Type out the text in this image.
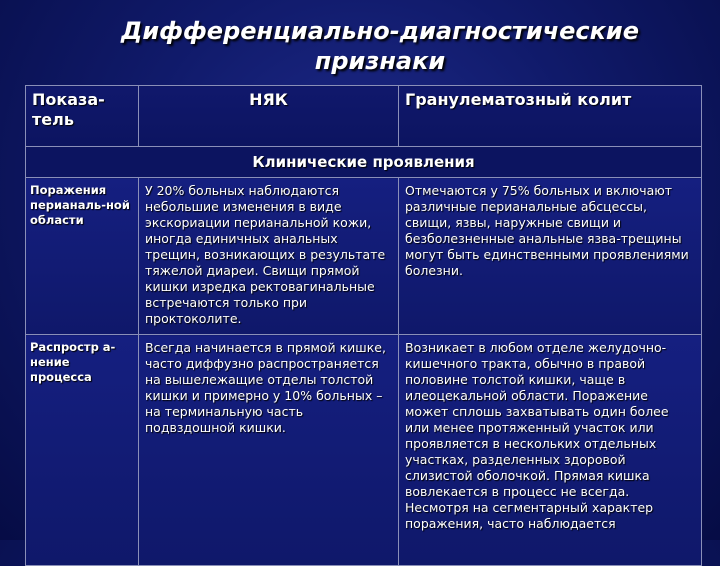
Дифференциально-диагностические
признаки
Показа-тель	НЯК	Гранулематозный колит
Клинические проявления		
Поражения перианаль-ной области	У 20% больных наблюдаются небольшие изменения в виде экскориации перианальной кожи, иногда единичных анальных трещин, возникающих в результате тяжелой диареи. Свищи прямой кишки изредка ректовагинальные встречаются только при проктоколите.	Отмечаются у 75% больных и включают различные перианальные абсцессы, свищи, язвы, наружные свищи и безболезненные анальные язва-трещины могут быть единственными проявлениями болезни.
Распростр а-нение процесса	Всегда начинается в прямой кишке, часто диффузно распространяется на вышележащие отделы толстой кишки и примерно у 10% больных – на терминальную часть подвздошной кишки.	Возникает в любом отделе желудочно-кишечного тракта, обычно в правой половине толстой кишки, чаще в илеоцекальной области. Поражение может сплошь захватывать один более или менее протяженный участок или проявляется в нескольких отдельных участках, разделенных здоровой слизистой оболочкой. Прямая кишка вовлекается в процесс не всегда. Несмотря на сегментарный характер поражения, часто наблюдается
